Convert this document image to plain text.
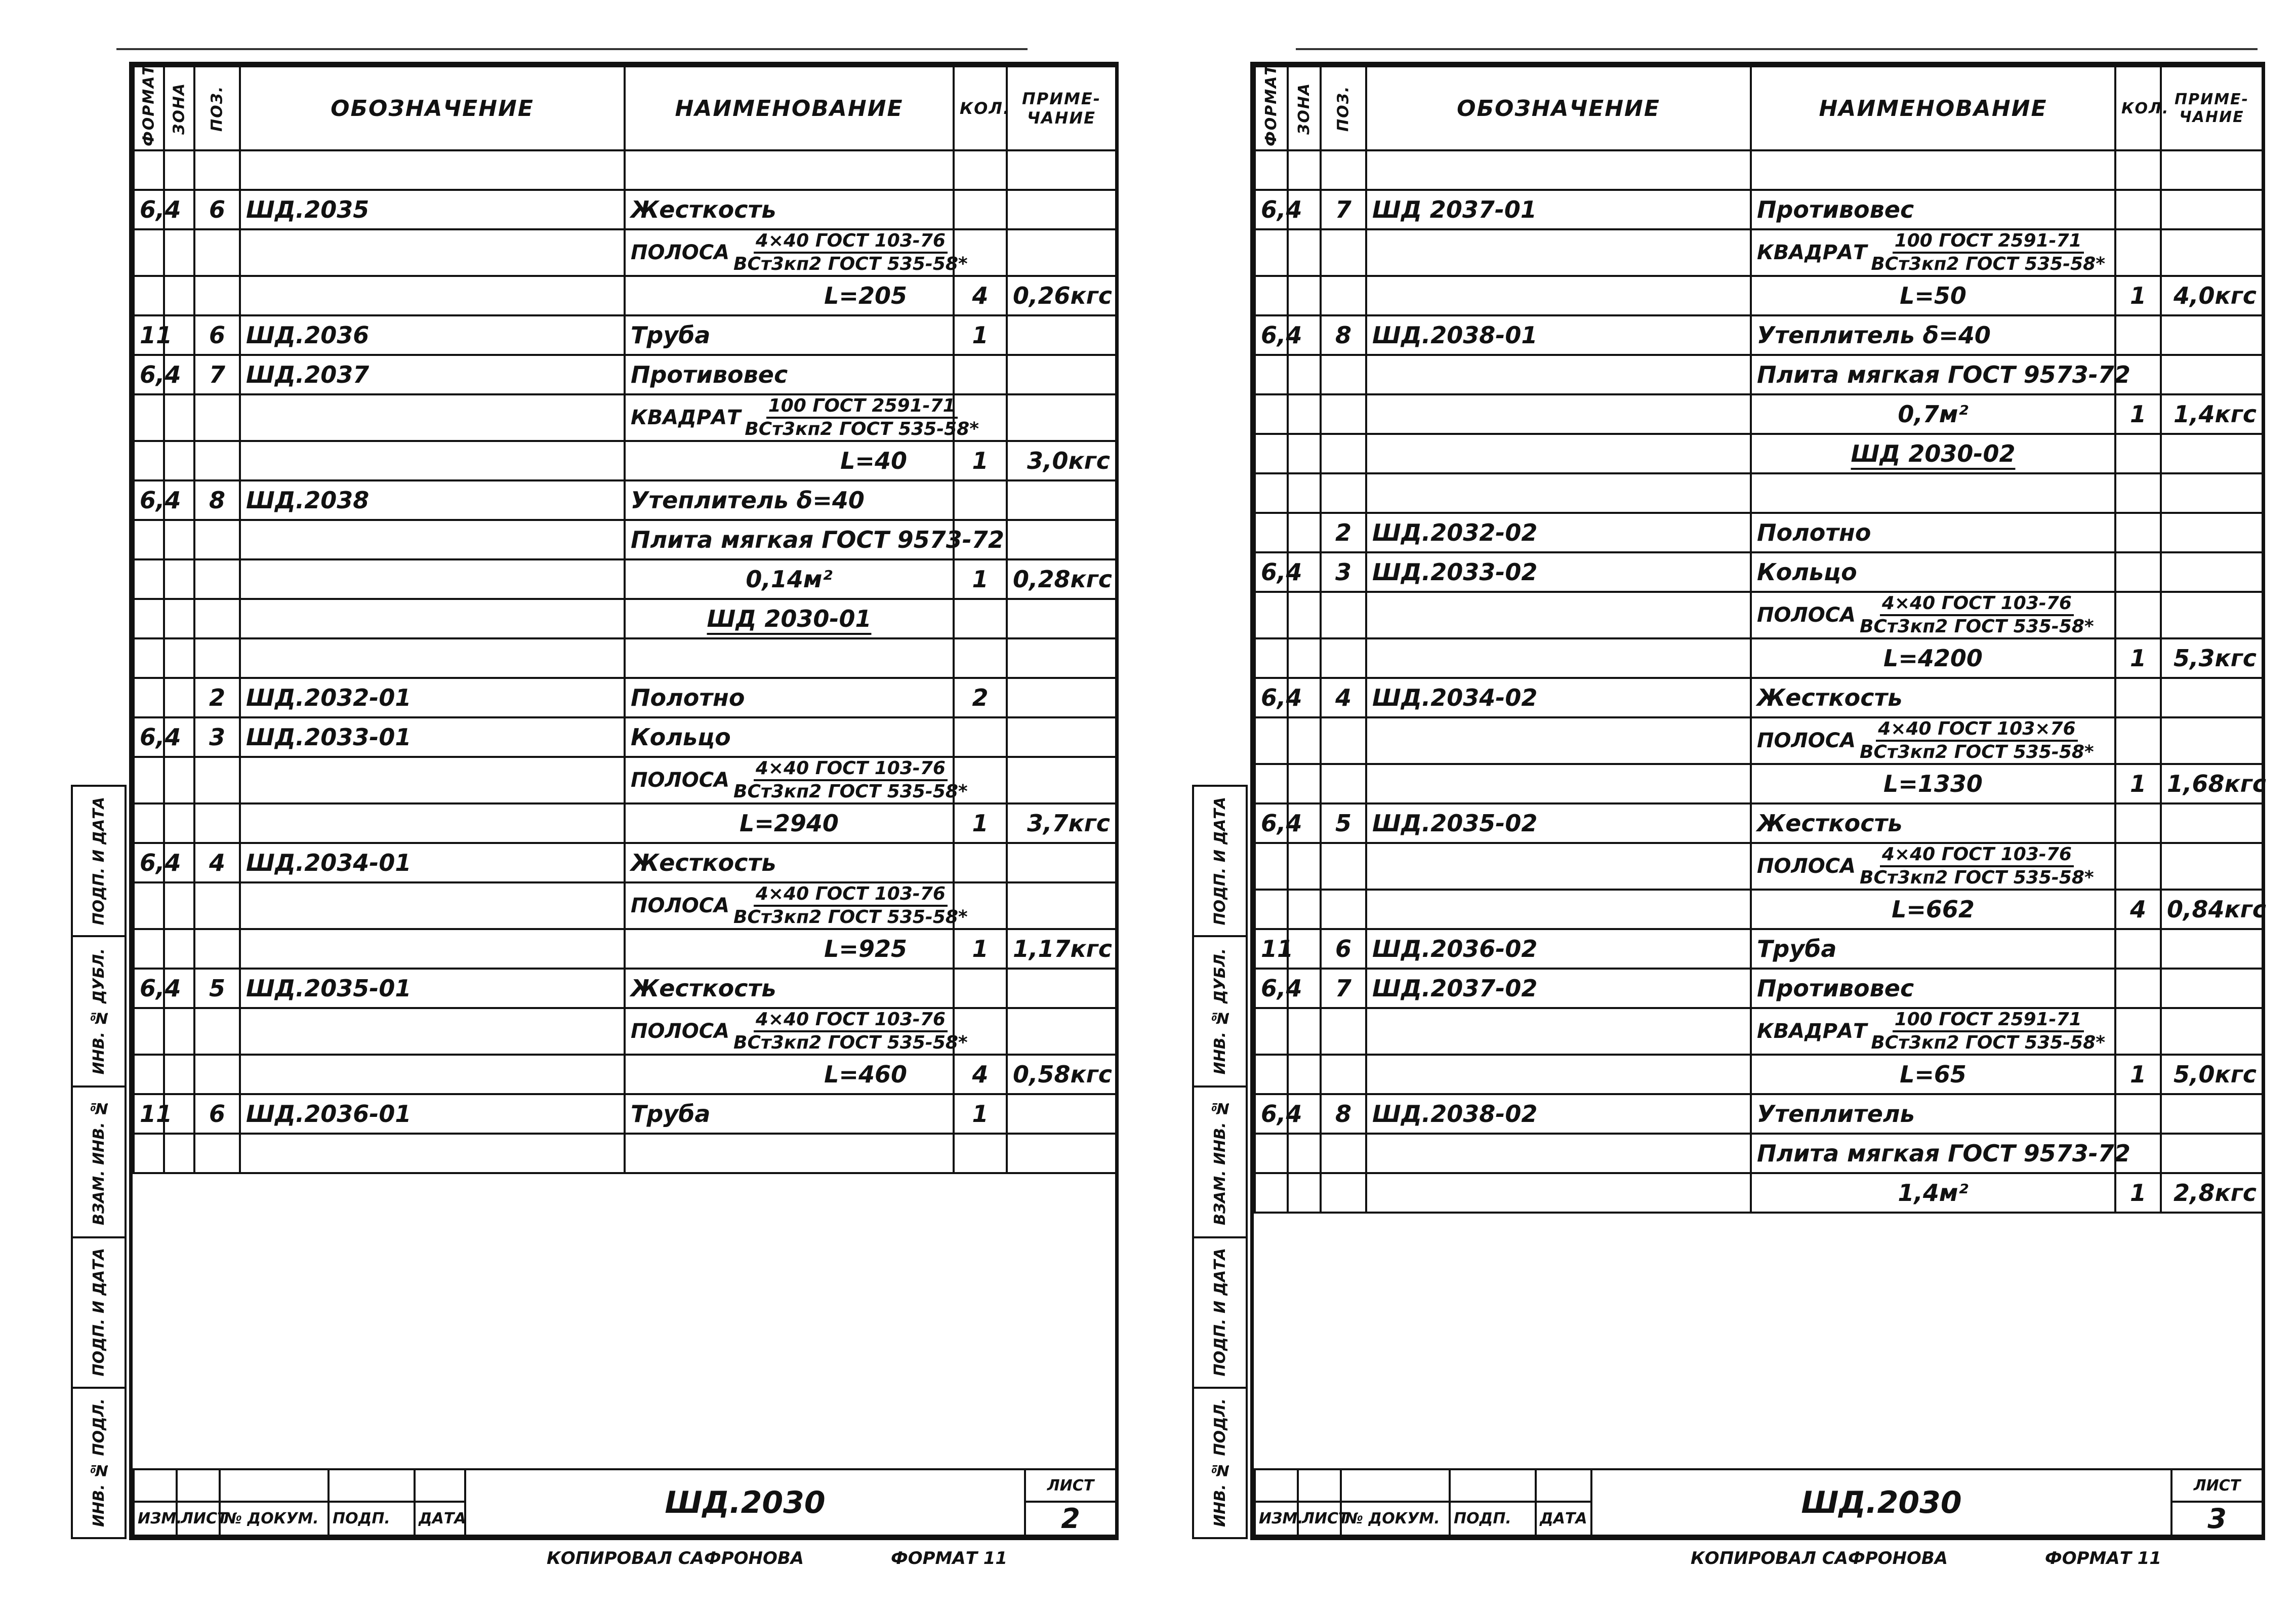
ФОРМАТ	ЗОНА	ПОЗ.	ОБОЗНАЧЕНИЕ	НАИМЕНОВАНИЕ	КОЛ.	ПРИМЕ-ЧАНИЕ

6,4		6	ШД.2035	Жесткость		

				ПОЛОСА $\frac{\text{4×40 ГОСТ 103-76}}{\text{ВСт3кп2 ГОСТ 535-58*}}$

				L=205	4	0,26кгс
11		6	ШД.2036	Труба	1	
6,4		7	ШД.2037	Противовес		

				КВАДРАТ $\frac{\text{100 ГОСТ 2591-71}}{\text{ВСт3кп2 ГОСТ 535-58*}}$

				L=40	1	3,0кгс
6,4		8	ШД.2038	Утеплитель δ=40		
				Плита мягкая ГОСТ 9573-72		
				0,14м²	1	0,28кгс
				ШД 2030-01		

		2	ШД.2032-01	Полотно	2	
6,4		3	ШД.2033-01	Кольцо		

				ПОЛОСА $\frac{\text{4×40 ГОСТ 103-76}}{\text{ВСт3кп2 ГОСТ 535-58*}}$

				L=2940	1	3,7кгс
6,4		4	ШД.2034-01	Жесткость		

				ПОЛОСА $\frac{\text{4×40 ГОСТ 103-76}}{\text{ВСт3кп2 ГОСТ 535-58*}}$

				L=925	1	1,17кгс
6,4		5	ШД.2035-01	Жесткость		

				ПОЛОСА $\frac{\text{4×40 ГОСТ 103-76}}{\text{ВСт3кп2 ГОСТ 535-58*}}$

				L=460	4	0,58кгс
11		6	ШД.2036-01	Труба	1	

					ШД.2030	ЛИСТ
ИЗМ.	ЛИСТ	№ ДОКУМ.	ПОДП.	ДАТА		2
ПОДП. И ДАТА
ИНВ. № ДУБЛ.
ВЗАМ. ИНВ. №
ПОДП. И ДАТА
ИНВ. № ПОДЛ.
КОПИРОВАЛ САФРОНОВА	ФОРМАТ 11
ФОРМАТ	ЗОНА	ПОЗ.	ОБОЗНАЧЕНИЕ	НАИМЕНОВАНИЕ	КОЛ.	ПРИМЕ-ЧАНИЕ

6,4		7	ШД 2037-01	Противовес		

				КВАДРАТ $\frac{\text{100 ГОСТ 2591-71}}{\text{ВСт3кп2 ГОСТ 535-58*}}$

				L=50	1	4,0кгс
6,4		8	ШД.2038-01	Утеплитель δ=40		
				Плита мягкая ГОСТ 9573-72		
				0,7м²	1	1,4кгс
				ШД 2030-02		

		2	ШД.2032-02	Полотно		
6,4		3	ШД.2033-02	Кольцо		

				ПОЛОСА $\frac{\text{4×40 ГОСТ 103-76}}{\text{ВСт3кп2 ГОСТ 535-58*}}$

				L=4200	1	5,3кгс
6,4		4	ШД.2034-02	Жесткость		

				ПОЛОСА $\frac{\text{4×40 ГОСТ 103×76}}{\text{ВСт3кп2 ГОСТ 535-58*}}$

				L=1330	1	1,68кгс
6,4		5	ШД.2035-02	Жесткость		

				ПОЛОСА $\frac{\text{4×40 ГОСТ 103-76}}{\text{ВСт3кп2 ГОСТ 535-58*}}$

				L=662	4	0,84кгс
11		6	ШД.2036-02	Труба		
6,4		7	ШД.2037-02	Противовес		

				КВАДРАТ $\frac{\text{100 ГОСТ 2591-71}}{\text{ВСт3кп2 ГОСТ 535-58*}}$

				L=65	1	5,0кгс
6,4		8	ШД.2038-02	Утеплитель		
				Плита мягкая ГОСТ 9573-72		
				1,4м²	1	2,8кгс
					ШД.2030	ЛИСТ
ИЗМ.	ЛИСТ	№ ДОКУМ.	ПОДП.	ДАТА		3
ПОДП. И ДАТА
ИНВ. № ДУБЛ.
ВЗАМ. ИНВ. №
ПОДП. И ДАТА
ИНВ. № ПОДЛ.
КОПИРОВАЛ САФРОНОВА	ФОРМАТ 11
